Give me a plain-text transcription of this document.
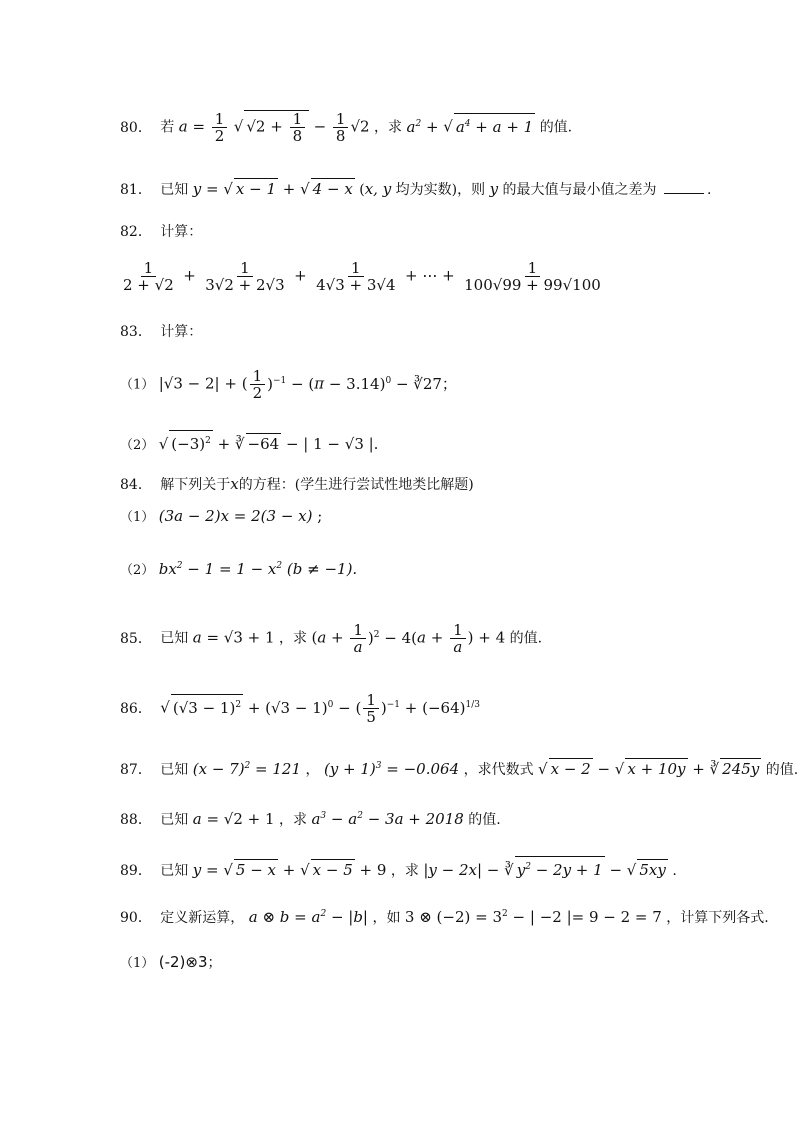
80． 若 $a = \frac{1}{2}$ √ $√2 + \frac{1}{8} - \frac{1}{8} √2$ ，求 $a^2$ + √ $a^4 + a + 1$ 的值.
81． 已知 y = √ x − 1 + √ 4 − x (x, y 均为实数)，则 y 的最大值与最小值之差为	.
82． 计算：
$\frac{1}{2 + √2} + \frac{1}{3√2 + 2√3} + \frac{1}{4√3 + 3√4}$ + ⋯ + $\frac{1}{100√99 + 99√100}$
83． 计算：
（1） |√3 − 2| + ( $\frac{1}{2} )^{-1} - (\pi - 3.14)^0$ − ∛27；
（2） √ $(-3)^2$ + ∛ −64 − | 1 − √3 |.
84． 解下列关于x的方程：(学生进行尝试性地类比解题)
（1） (3a − 2)x = 2(3 − x) ;
（2） $bx^2 - 1 = 1 - x^2$ (b ≠ −1).
85． 已知 a = √3 + 1 ，求 $(a + \frac{1}{a} )^2 - 4(a + \frac{1}{a}$ ) + 4 的值.
86． √ $(√3 - 1)^2 + (√3 - 1)^0$ − ( $\frac{1}{5} )^{-1} + (-64)^{1/3}$
87． 已知 $(x - 7)^2 = 121$ ， $(y + 1)^3 = -0.064$ ，求代数式 √ x − 2 − √ x + 10y + ∛ 245y 的值.
88． 已知 a = √2 + 1 ，求 $a^3 - a^2 - 3a + 2018$ 的值.
89． 已知 y = √ 5 − x + √ x − 5 + 9 ，求 |y − 2x| − ∛ $y^2 - 2y + 1$ − √ 5xy .
90． 定义新运算， a ⊗ $b = a^2 - |b|$ ，如 3 ⊗ $(-2) = 3^2$ − | −2 |= 9 − 2 = 7 ，计算下列各式.
（1） (-2)⊗3；
